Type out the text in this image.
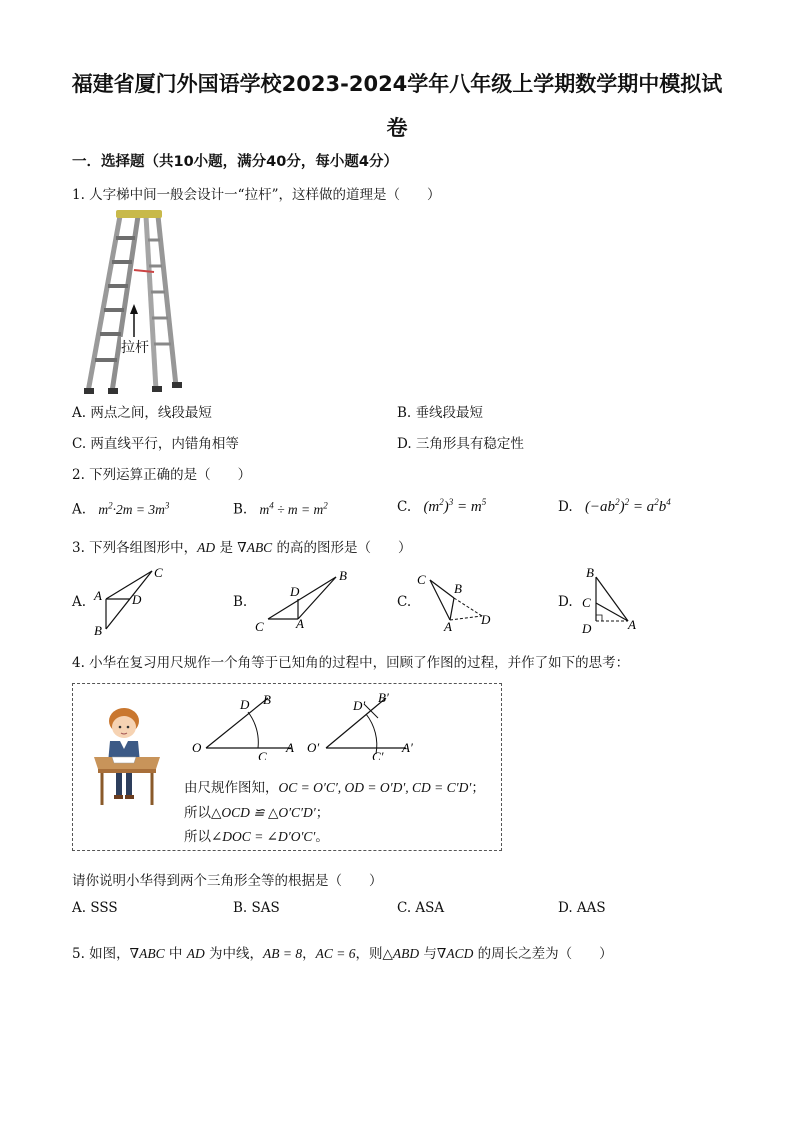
福建省厦门外国语学校2023-2024学年八年级上学期数学期中模拟试
卷
一．选择题（共10小题，满分40分，每小题4分）
1. 人字梯中间一般会设计一“拉杆”，这样做的道理是（　　）
拉杆
A. 两点之间，线段最短	B. 垂线段最短
C. 两直线平行，内错角相等	D. 三角形具有稳定性
2. 下列运算正确的是（　　）
A. $m^2\cdot 2m = 3m^3$	B. $m^4 \div m = m^2$	C. $(m^2)^3 = m^5$	D. $(-ab^2)^2 = a^2b^4$
3. 下列各组图形中，AD 是 ∇ABC 的高的图形是（　　）
A.	B.	C.	D.
C
A D
B
B
D
C A
C
B
A D
B
C
D	A
4. 小华在复习用尺规作一个角等于已知角的过程中，回顾了作图的过程，并作了如下的思考：
O
D B
C
A O′
D′
B′
C′
A′
由尺规作图知，OC = O′C′, OD = O′D′, CD = C′D′；
所以△OCD ≌ △O′C′D′；
所以∠DOC = ∠D′O′C′。
请你说明小华得到两个三角形全等的根据是（　　）
A. SSS	B. SAS	C. ASA	D. AAS
5. 如图，∇ABC 中 AD 为中线，AB = 8，AC = 6，则△ABD 与∇ACD 的周长之差为（　　）
